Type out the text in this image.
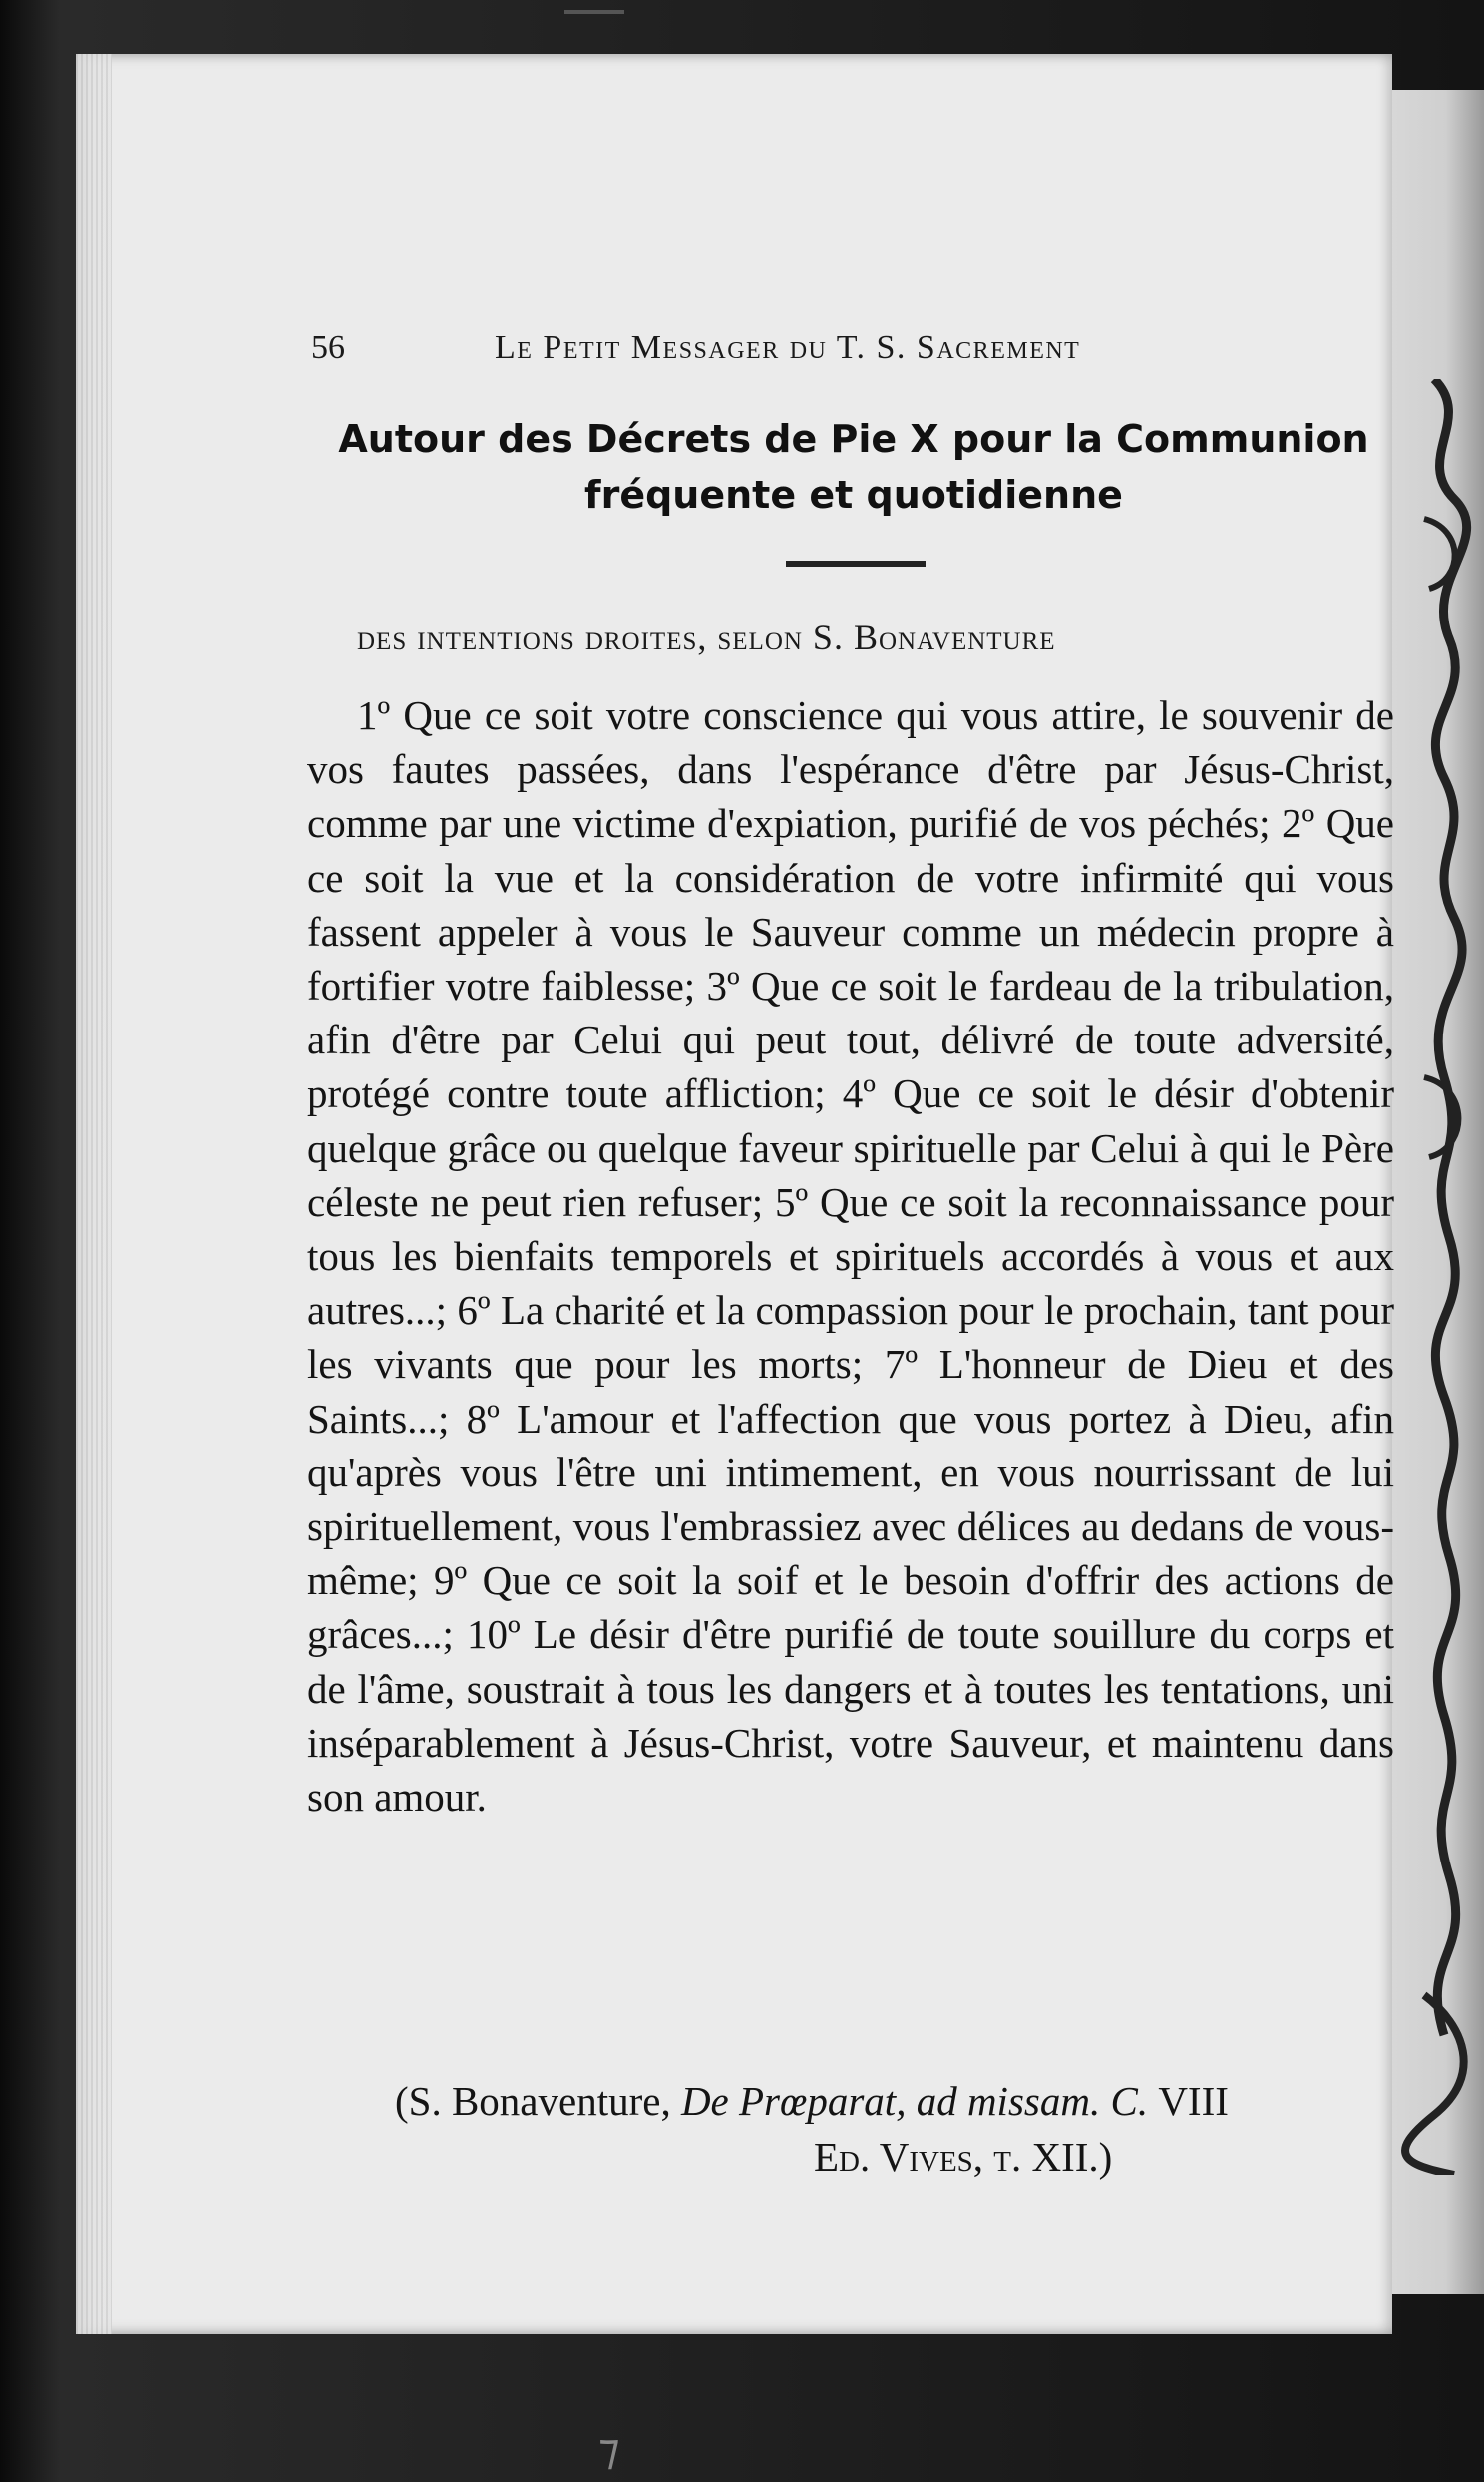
56	Le Petit Messager du T. S. Sacrement
Autour des Décrets de Pie X pour la Communion
fréquente et quotidienne
des intentions droites, selon S. Bonaventure

1º Que ce soit votre conscience qui vous attire, le souvenir de vos fautes passées, dans l'espérance d'être par Jésus-Christ, comme par une victime d'expiation, purifié de vos péchés; 2º Que ce soit la vue et la considération de votre infirmité qui vous fassent appeler à vous le Sauveur comme un médecin propre à fortifier votre faiblesse; 3º Que ce soit le fardeau de la tribulation, afin d'être par Celui qui peut tout, délivré de toute adversité, protégé contre toute affliction; 4º Que ce soit le désir d'obtenir quelque grâce ou quelque faveur spirituelle par Celui à qui le Père céleste ne peut rien refuser; 5º Que ce soit la reconnaissance pour tous les bienfaits temporels et spirituels accordés à vous et aux autres...; 6º La charité et la compassion pour le prochain, tant pour les vivants que pour les morts; 7º L'honneur de Dieu et des Saints...; 8º L'amour et l'affection que vous portez à Dieu, afin qu'après vous l'être uni intimement, en vous nourrissant de lui spirituellement, vous l'embrassiez avec délices au dedans de vous-même; 9º Que ce soit la soif et le besoin d'offrir des actions de grâces...; 10º Le désir d'être purifié de toute souillure du corps et de l'âme, soustrait à tous les dangers et à toutes les tentations, uni inséparablement à Jésus-Christ, votre Sauveur, et maintenu dans son amour.

(S. Bonaventure, De Prœparat, ad missam. C. VIII
Ed. Vives, t. XII.)
⁊
